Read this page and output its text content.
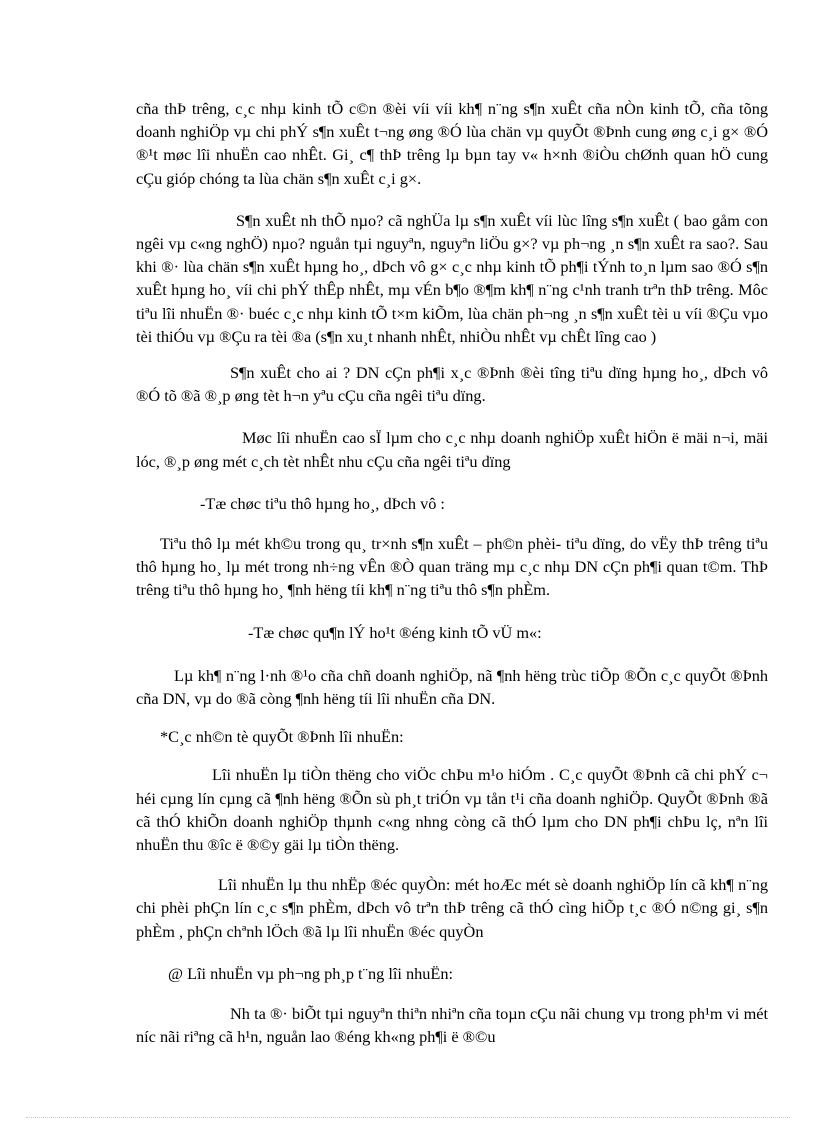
cña thÞ trêng, c¸c nhµ kinh tÕ c©n ®èi víi víi kh¶ n¨ng s¶n xuÊt cña nÒn kinh tÕ, cña tõng doanh nghiÖp vµ chi phÝ s¶n xuÊt t¬ng øng ®Ó lùa chän vµ quyÕt ®Þnh cung øng c¸i g× ®Ó ®¹t møc lîi nhuËn cao nhÊt. Gi¸ c¶ thÞ trêng lµ bµn tay v« h×nh ®iÒu chØnh quan hÖ cung cÇu gióp chóng ta lùa chän s¶n xuÊt c¸i g×.

S¶n xuÊt nh thÕ nµo? cã nghÜa lµ s¶n xuÊt víi lùc lîng s¶n xuÊt ( bao gåm con ngêi vµ c«ng nghÖ) nµo? nguån tµi nguyªn, nguyªn liÖu g×? vµ ph¬ng ¸n s¶n xuÊt ra sao?. Sau khi ®· lùa chän s¶n xuÊt hµng ho¸, dÞch vô g× c¸c nhµ kinh tÕ ph¶i tÝnh to¸n lµm sao ®Ó s¶n xuÊt hµng ho¸ víi chi phÝ thÊp nhÊt, mµ vÉn b¶o ®¶m kh¶ n¨ng c¹nh tranh trªn thÞ trêng. Môc tiªu lîi nhuËn ®· buéc c¸c nhµ kinh tÕ t×m kiÕm, lùa chän ph¬ng ¸n s¶n xuÊt tèi u víi ®Çu vµo tèi thiÓu vµ ®Çu ra tèi ®a (s¶n xu¸t nhanh nhÊt, nhiÒu nhÊt vµ chÊt lîng cao )

S¶n xuÊt cho ai ? DN cÇn ph¶i x¸c ®Þnh ®èi tîng tiªu dïng hµng ho¸, dÞch vô ®Ó tõ ®ã ®¸p øng tèt h¬n yªu cÇu cña ngêi tiªu dïng.

Møc lîi nhuËn cao sÏ lµm cho c¸c nhµ doanh nghiÖp xuÊt hiÖn ë mäi n¬i, mäi lóc, ®¸p øng mét c¸ch tèt nhÊt nhu cÇu cña ngêi tiªu dïng

-Tæ chøc tiªu thô hµng ho¸, dÞch vô :

Tiªu thô lµ mét kh©u trong qu¸ tr×nh s¶n xuÊt – ph©n phèi- tiªu dïng, do vËy thÞ trêng tiªu thô hµng ho¸ lµ mét trong nh÷ng vÊn ®Ò quan träng mµ c¸c nhµ DN cÇn ph¶i quan t©m. ThÞ trêng tiªu thô hµng ho¸ ¶nh hëng tíi kh¶ n¨ng tiªu thô s¶n phÈm.

-Tæ chøc qu¶n lÝ ho¹t ®éng kinh tÕ vÜ m«:

Lµ kh¶ n¨ng l·nh ®¹o cña chñ doanh nghiÖp, nã ¶nh hëng trùc tiÕp ®Õn c¸c quyÕt ®Þnh cña DN, vµ do ®ã còng ¶nh hëng tíi lîi nhuËn cña DN.

*C¸c nh©n tè quyÕt ®Þnh lîi nhuËn:

Lîi nhuËn lµ tiÒn thëng cho viÖc chÞu m¹o hiÓm . C¸c quyÕt ®Þnh cã chi phÝ c¬ héi cµng lín cµng cã ¶nh hëng ®Õn sù ph¸t triÓn vµ tån t¹i cña doanh nghiÖp. QuyÕt ®Þnh ®ã cã thÓ khiÕn doanh nghiÖp thµnh c«ng nhng còng cã thÓ lµm cho DN ph¶i chÞu lç, nªn lîi nhuËn thu ®îc ë ®©y gäi lµ tiÒn thëng.

Lîi nhuËn lµ thu nhËp ®éc quyÒn: mét hoÆc mét sè doanh nghiÖp lín cã kh¶ n¨ng chi phèi phÇn lín c¸c s¶n phÈm, dÞch vô trªn thÞ trêng cã thÓ cìng hiÕp t¸c ®Ó n©ng gi¸ s¶n phÈm , phÇn chªnh lÖch ®ã lµ lîi nhuËn ®éc quyÒn

@ Lîi nhuËn vµ ph¬ng ph¸p t¨ng lîi nhuËn:

Nh ta ®· biÕt tµi nguyªn thiªn nhiªn cña toµn cÇu nãi chung vµ trong ph¹m vi mét níc nãi riªng cã h¹n, nguån lao ®éng kh«ng ph¶i ë ®©u
